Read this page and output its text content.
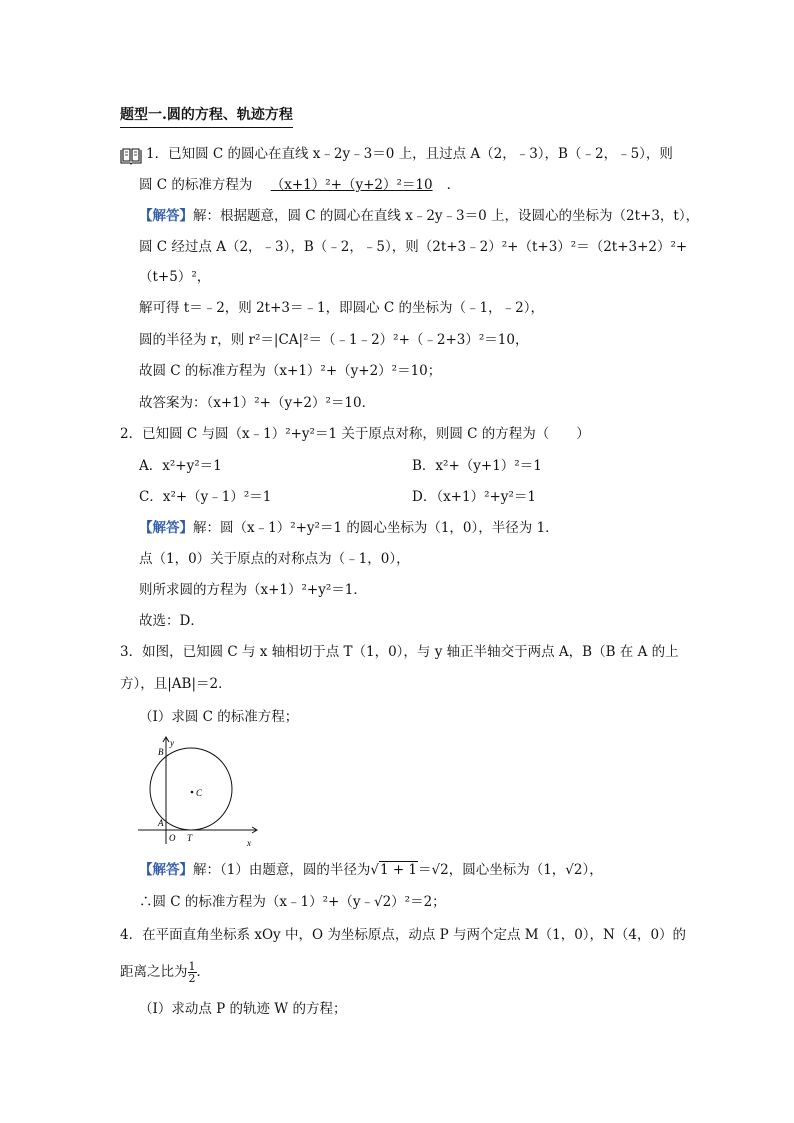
题型一.圆的方程、轨迹方程
1．已知圆 C 的圆心在直线 x﹣2y﹣3＝0 上，且过点 A（2，﹣3），B（﹣2，﹣5），则
圆 C 的标准方程为 （x+1）²+（y+2）²＝10 ．
【解答】解：根据题意，圆 C 的圆心在直线 x﹣2y﹣3＝0 上，设圆心的坐标为（2t+3，t），
圆 C 经过点 A（2，﹣3），B（﹣2，﹣5），则（2t+3﹣2）²+（t+3）²＝（2t+3+2）²+
（t+5）²，
解可得 t＝﹣2，则 2t+3＝﹣1，即圆心 C 的坐标为（﹣1，﹣2），
圆的半径为 r，则 r²＝|CA|²＝（﹣1﹣2）²+（﹣2+3）²＝10，
故圆 C 的标准方程为（x+1）²+（y+2）²＝10；
故答案为：（x+1）²+（y+2）²＝10．
2．已知圆 C 与圆（x﹣1）²+y²＝1 关于原点对称，则圆 C 的方程为（　　）
A．x²+y²＝1	B．x²+（y+1）²＝1
C．x²+（y﹣1）²＝1	D．（x+1）²+y²＝1
【解答】解：圆（x﹣1）²+y²＝1 的圆心坐标为（1，0），半径为 1．
点（1，0）关于原点的对称点为（﹣1，0），
则所求圆的方程为（x+1）²+y²＝1．
故选：D．
3．如图，已知圆 C 与 x 轴相切于点 T（1，0），与 y 轴正半轴交于两点 A，B（B 在 A 的上
方），且|AB|＝2．
（Ⅰ）求圆 C 的标准方程；
B
y
C
A
O T	x
【解答】解：（1）由题意，圆的半径为√1 + 1＝√2，圆心坐标为（1，√2），
∴圆 C 的标准方程为（x﹣1）²+（y﹣√2）²＝2；
4．在平面直角坐标系 xOy 中，O 为坐标原点，动点 P 与两个定点 M（1，0），N（4，0）的
距离之比为 $\frac{1}{2}$ ．
（Ⅰ）求动点 P 的轨迹 W 的方程；
